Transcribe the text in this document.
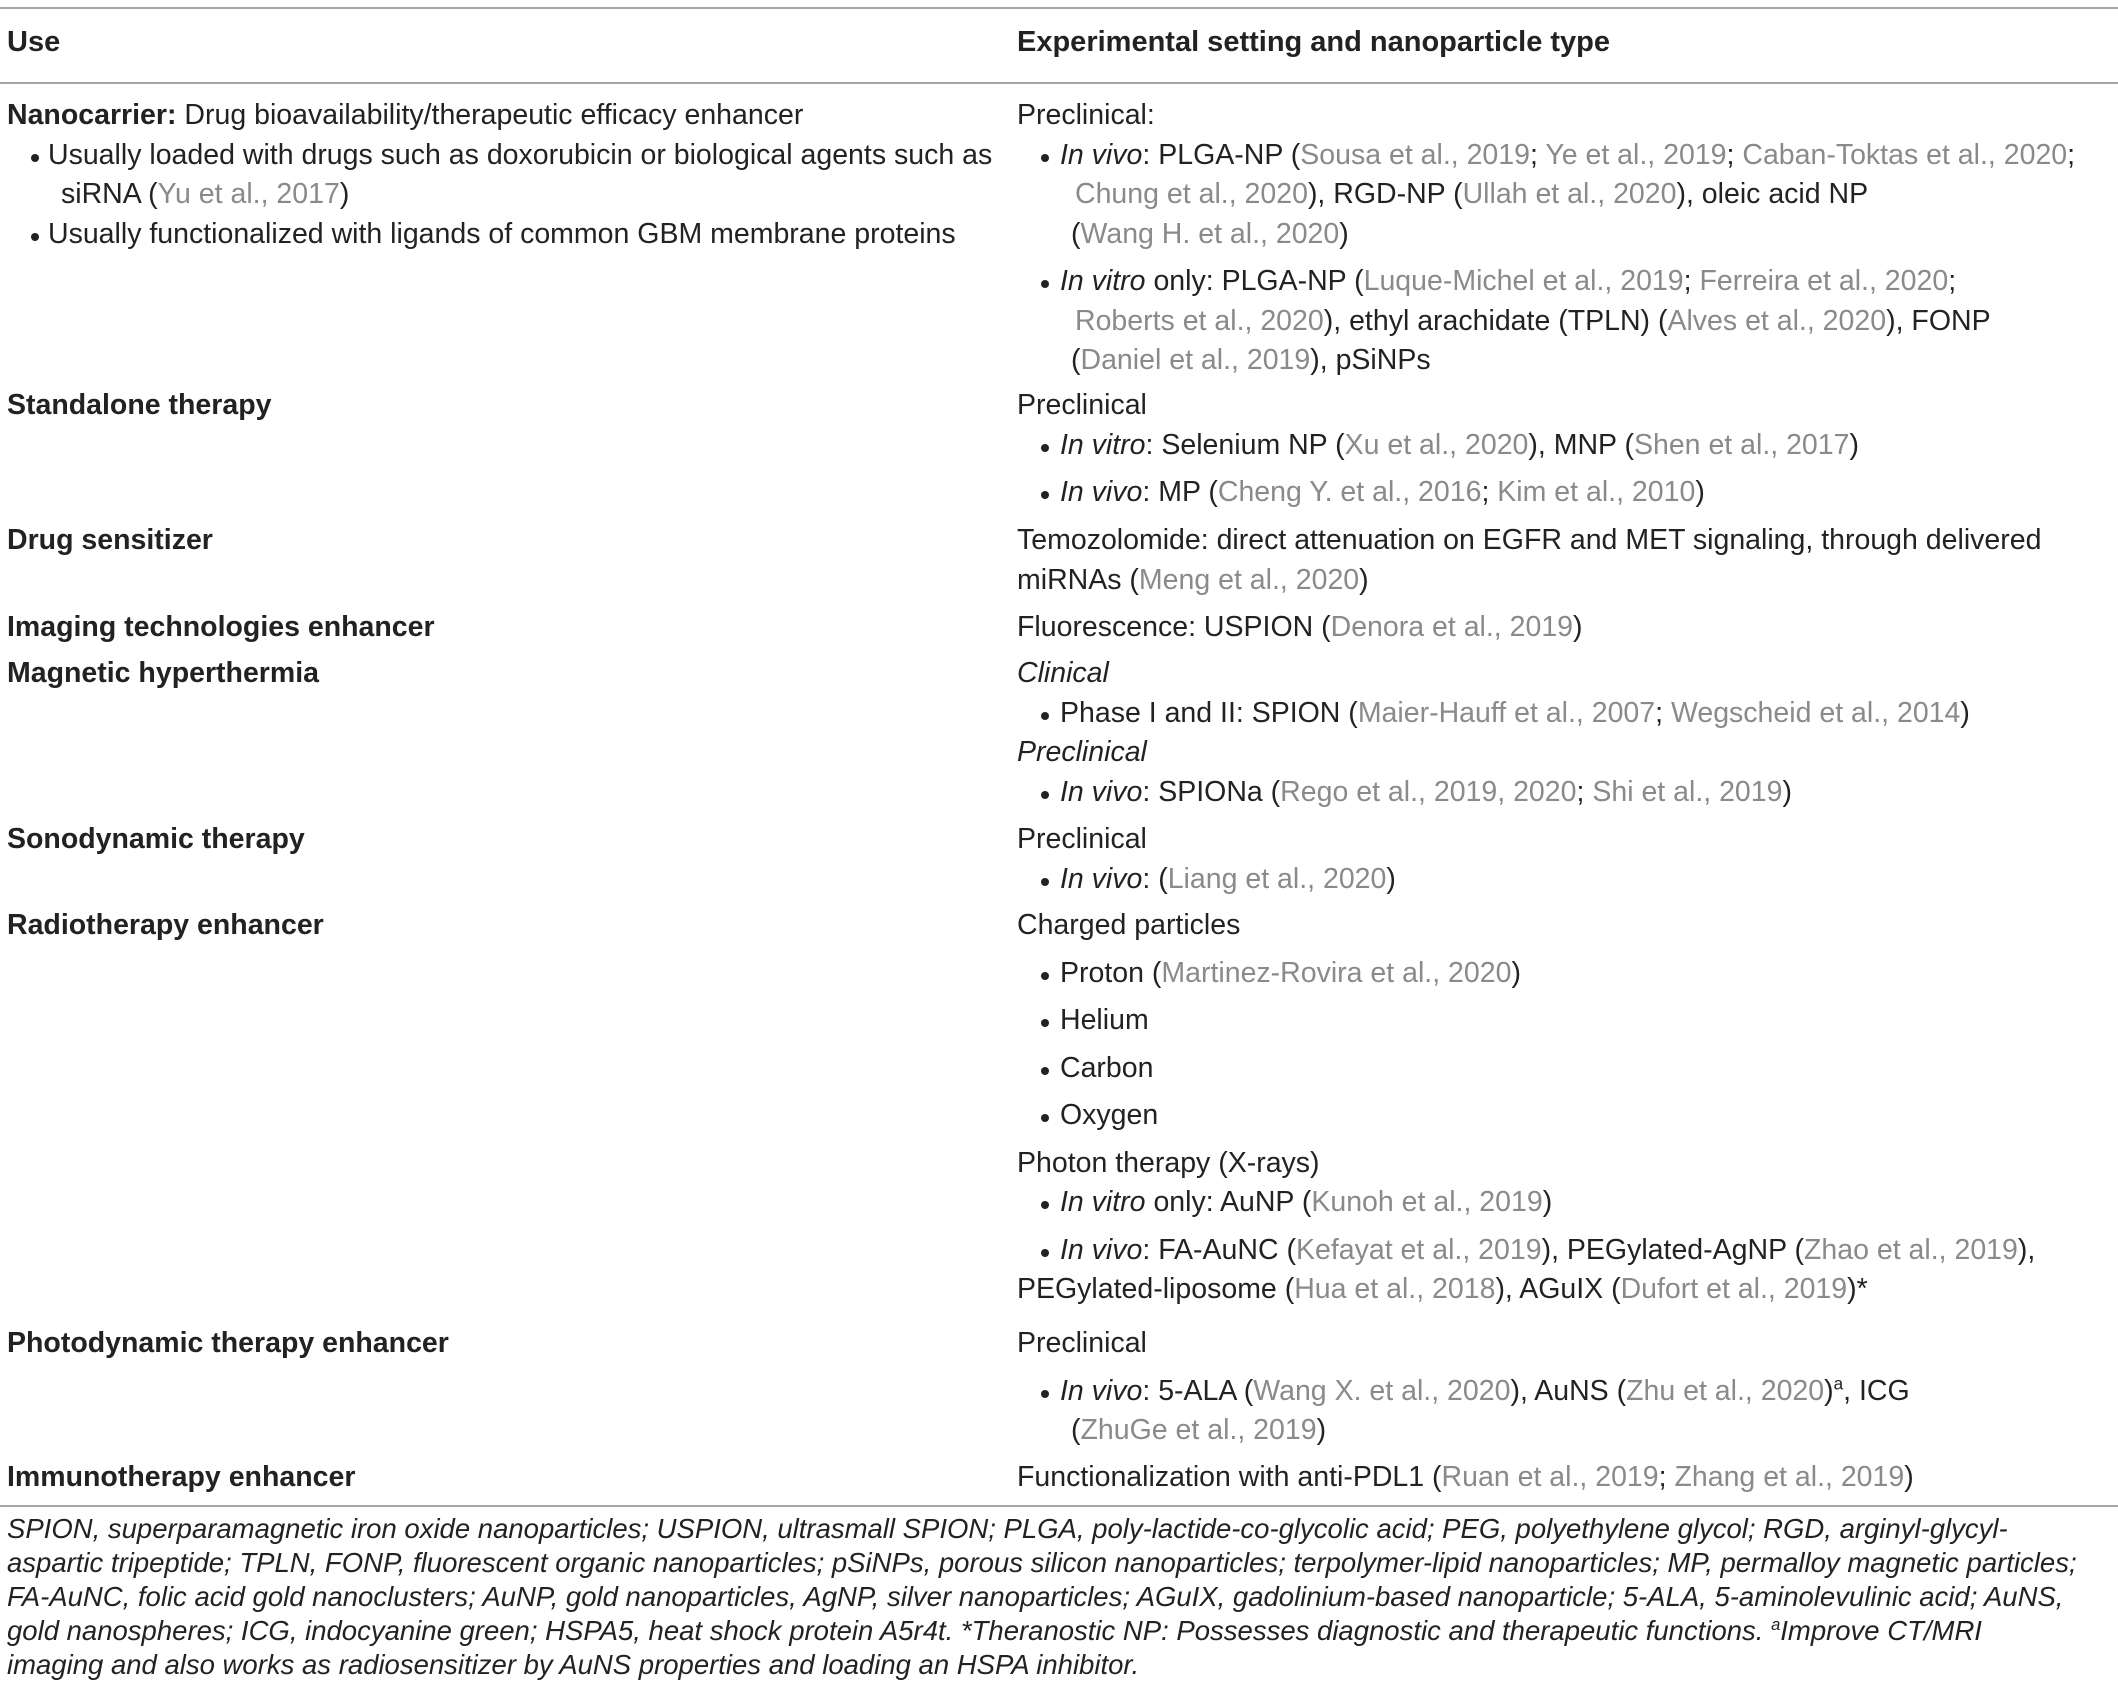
Use	Experimental setting and nanoparticle type
Nanocarrier: Drug bioavailability/therapeutic efficacy enhancer
Usually loaded with drugs such as doxorubicin or biological agents such as
siRNA (Yu et al., 2017)
Usually functionalized with ligands of common GBM membrane proteins
Standalone therapy
Drug sensitizer
Imaging technologies enhancer
Magnetic hyperthermia
Sonodynamic therapy
Radiotherapy enhancer
Photodynamic therapy enhancer
Immunotherapy enhancer
Preclinical:
In vivo: PLGA-NP (Sousa et al., 2019; Ye et al., 2019; Caban-Toktas et al., 2020;
Chung et al., 2020), RGD-NP (Ullah et al., 2020), oleic acid NP
(Wang H. et al., 2020)
In vitro only: PLGA-NP (Luque-Michel et al., 2019; Ferreira et al., 2020;
Roberts et al., 2020), ethyl arachidate (TPLN) (Alves et al., 2020), FONP
(Daniel et al., 2019), pSiNPs
Preclinical
In vitro: Selenium NP (Xu et al., 2020), MNP (Shen et al., 2017)
In vivo: MP (Cheng Y. et al., 2016; Kim et al., 2010)
Temozolomide: direct attenuation on EGFR and MET signaling, through delivered
miRNAs (Meng et al., 2020)
Fluorescence: USPION (Denora et al., 2019)
Clinical
Phase I and II: SPION (Maier-Hauff et al., 2007; Wegscheid et al., 2014)
Preclinical
In vivo: SPIONa (Rego et al., 2019, 2020; Shi et al., 2019)
Preclinical
In vivo: (Liang et al., 2020)
Charged particles
Proton (Martinez-Rovira et al., 2020)
Helium
Carbon
Oxygen
Photon therapy (X-rays)
In vitro only: AuNP (Kunoh et al., 2019)
In vivo: FA-AuNC (Kefayat et al., 2019), PEGylated-AgNP (Zhao et al., 2019),
PEGylated-liposome (Hua et al., 2018), AGuIX (Dufort et al., 2019)*
Preclinical
In vivo: 5-ALA (Wang X. et al., 2020), AuNS (Zhu et al., 2020)$^a$, ICG
(ZhuGe et al., 2019)
Functionalization with anti-PDL1 (Ruan et al., 2019; Zhang et al., 2019)
SPION, superparamagnetic iron oxide nanoparticles; USPION, ultrasmall SPION; PLGA, poly-lactide-co-glycolic acid; PEG, polyethylene glycol; RGD, arginyl-glycyl-
aspartic tripeptide; TPLN, FONP, fluorescent organic nanoparticles; pSiNPs, porous silicon nanoparticles; terpolymer-lipid nanoparticles; MP, permalloy magnetic particles;
FA-AuNC, folic acid gold nanoclusters; AuNP, gold nanoparticles, AgNP, silver nanoparticles; AGuIX, gadolinium-based nanoparticle; 5-ALA, 5-aminolevulinic acid; AuNS,
gold nanospheres; ICG, indocyanine green; HSPA5, heat shock protein A5r4t. *Theranostic NP: Possesses diagnostic and therapeutic functions. $^a$Improve CT/MRI
imaging and also works as radiosensitizer by AuNS properties and loading an HSPA inhibitor.
